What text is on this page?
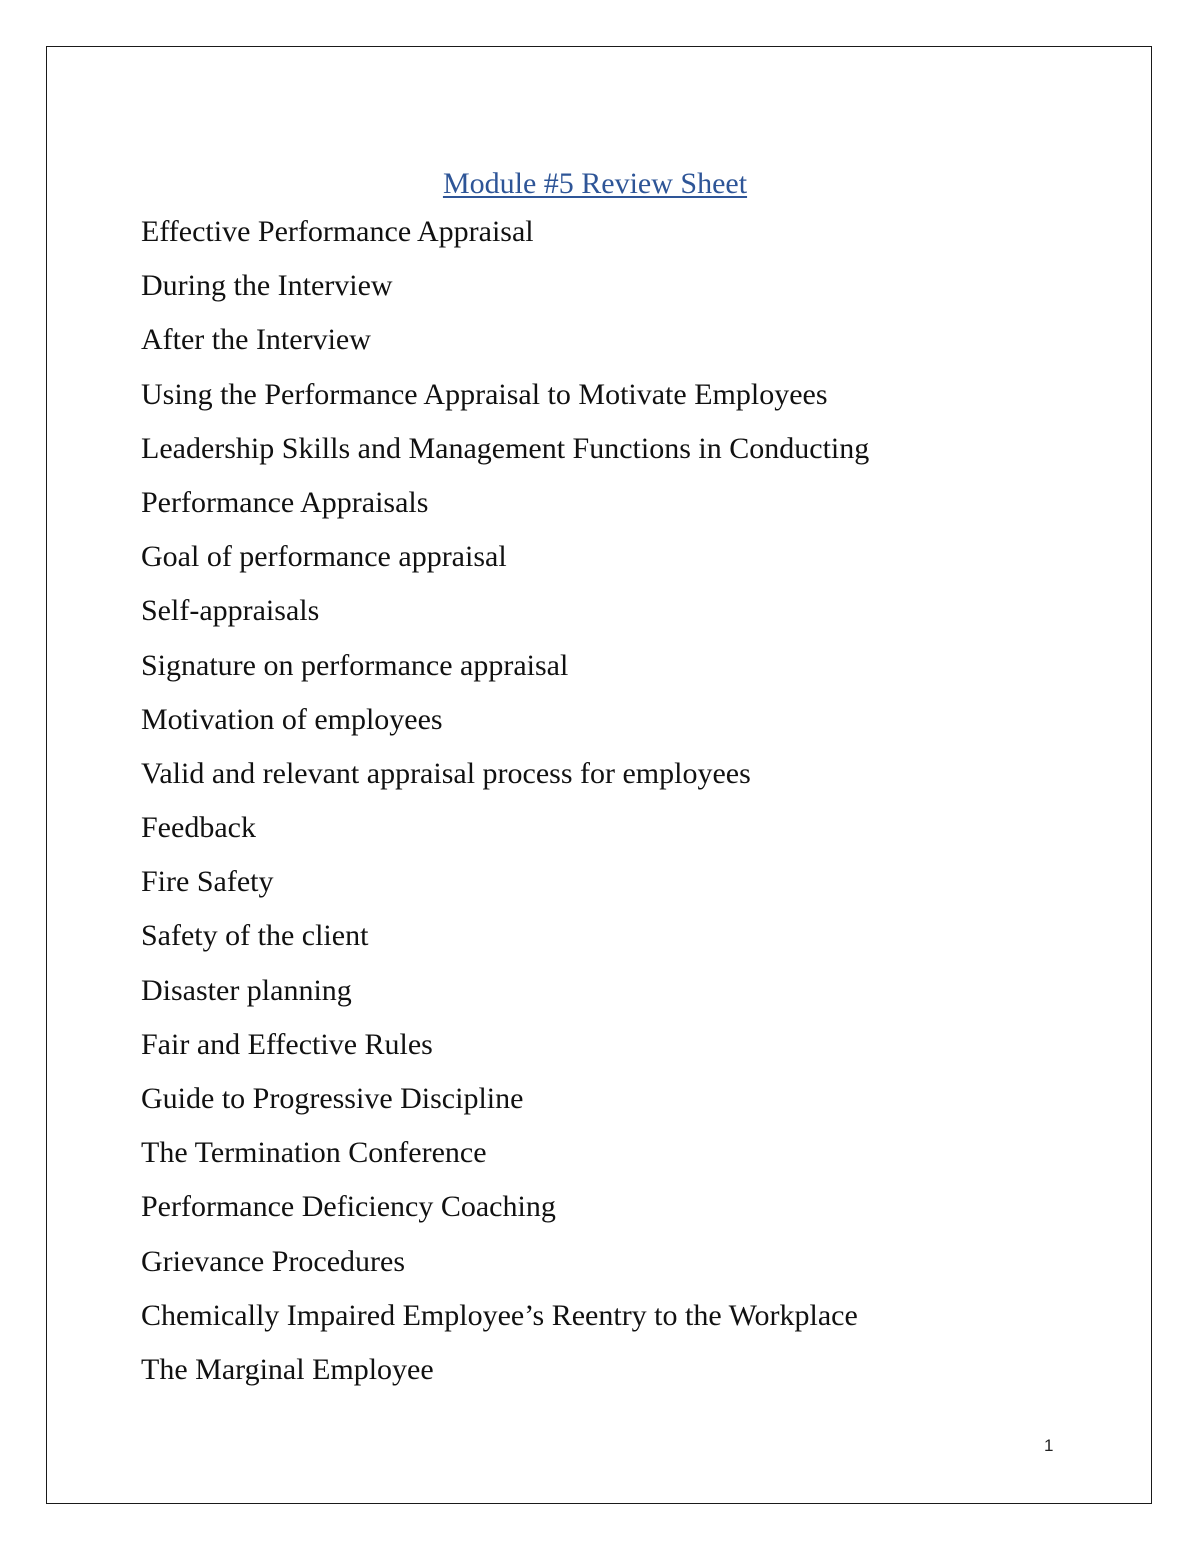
Module #5 Review Sheet
Effective Performance Appraisal
During the Interview
After the Interview
Using the Performance Appraisal to Motivate Employees
Leadership Skills and Management Functions in Conducting
Performance Appraisals
Goal of performance appraisal
Self-appraisals
Signature on performance appraisal
Motivation of employees
Valid and relevant appraisal process for employees
Feedback
Fire Safety
Safety of the client
Disaster planning
Fair and Effective Rules
Guide to Progressive Discipline
The Termination Conference
Performance Deficiency Coaching
Grievance Procedures
Chemically Impaired Employee’s Reentry to the Workplace
The Marginal Employee
1
